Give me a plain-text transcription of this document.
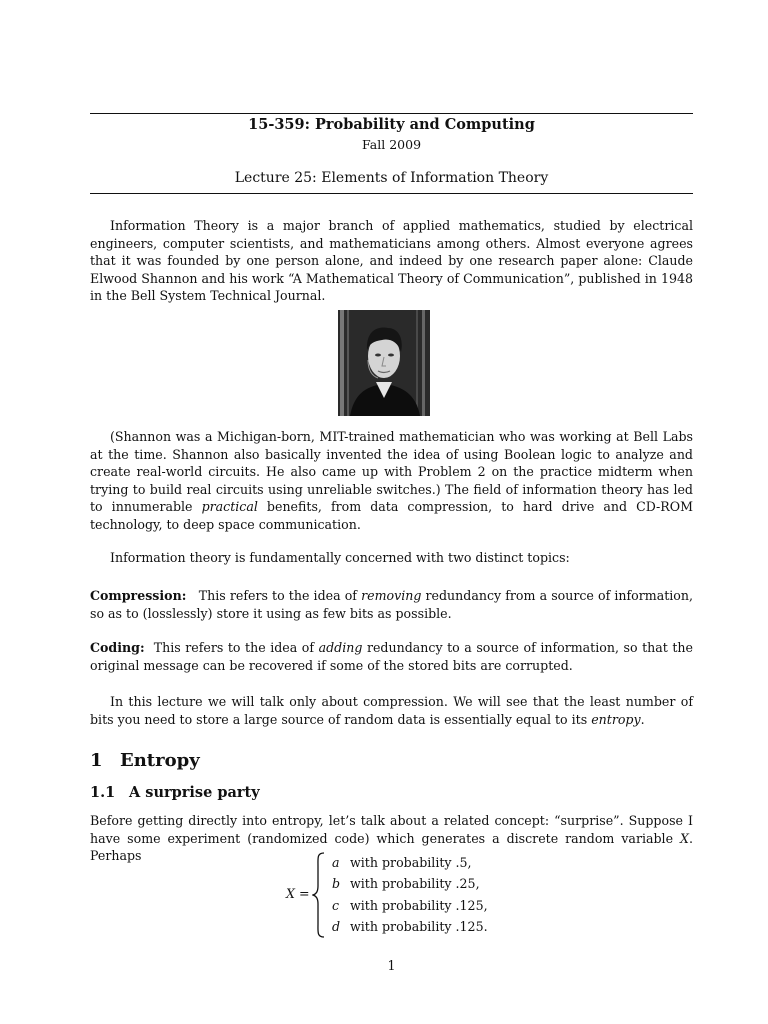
15-359: Probability and Computing
Fall 2009
Lecture 25: Elements of Information Theory
Information Theory is a major branch of applied mathematics, studied by electrical engineers, computer scientists, and mathematicians among others. Almost everyone agrees that it was founded by one person alone, and indeed by one research paper alone: Claude Elwood Shannon and his work “A Mathematical Theory of Communication”, published in 1948 in the Bell System Technical Journal.
(Shannon was a Michigan-born, MIT-trained mathematician who was working at Bell Labs at the time. Shannon also basically invented the idea of using Boolean logic to analyze and create real-world circuits. He also came up with Problem 2 on the practice midterm when trying to build real circuits using unreliable switches.) The field of information theory has led to innumerable practical benefits, from data compression, to hard drive and CD-ROM technology, to deep space communication.
Information theory is fundamentally concerned with two distinct topics:
Compression: This refers to the idea of removing redundancy from a source of information, so as to (losslessly) store it using as few bits as possible.
Coding: This refers to the idea of adding redundancy to a source of information, so that the original message can be recovered if some of the stored bits are corrupted.
In this lecture we will talk only about compression. We will see that the least number of bits you need to store a large source of random data is essentially equal to its entropy.
1 Entropy
1.1 A surprise party
Before getting directly into entropy, let’s talk about a related concept: “surprise”. Suppose I have some experiment (randomized code) which generates a discrete random variable X. Perhaps
X =
a with probability .5,
b with probability .25,
c with probability .125,
d with probability .125.
1
